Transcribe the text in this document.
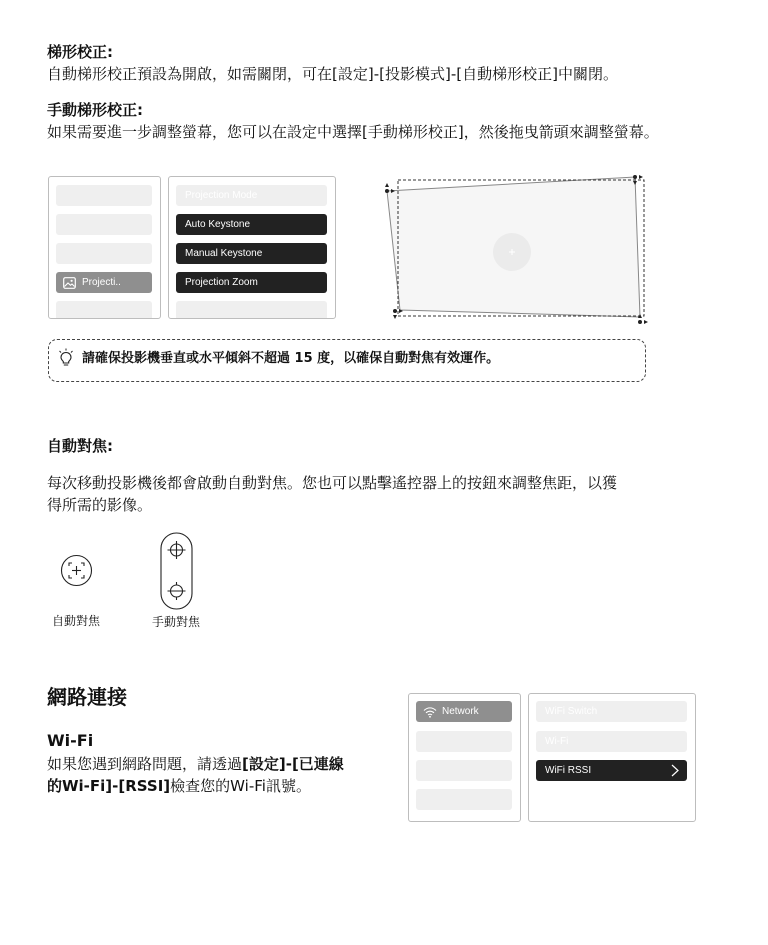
梯形校正:
自動梯形校正預設為開啟，如需關閉，可在[設定]-[投影模式]-[自動梯形校正]中關閉。
手動梯形校正:
如果需要進一步調整螢幕，您可以在設定中選擇[手動梯形校正]，然後拖曳箭頭來調整螢幕。
Projecti..
Projection Mode
Auto Keystone
Manual Keystone
Projection Zoom
請確保投影機垂直或水平傾斜不超過 15 度，以確保自動對焦有效運作。
自動對焦:
每次移動投影機後都會啟動自動對焦。您也可以點擊遙控器上的按鈕來調整焦距，以獲
得所需的影像。
自動對焦	手動對焦
網路連接
Wi-Fi
如果您遇到網路問題，請透過[設定]-[已連線
的Wi-Fi]-[RSSI]檢查您的Wi-Fi訊號。
Network	WiFi Switch
Wi-Fi
WiFi RSSI
